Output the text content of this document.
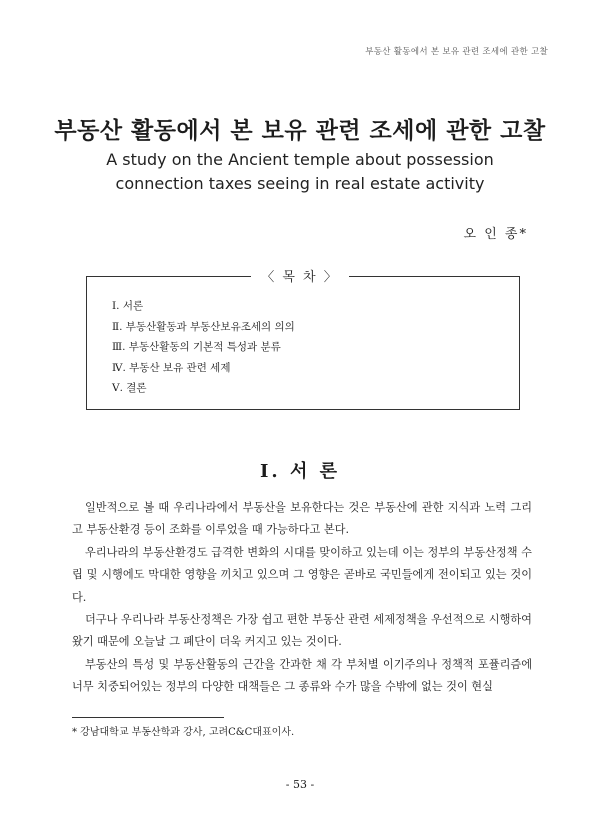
부동산 활동에서 본 보유 관련 조세에 관한 고찰
부동산 활동에서 본 보유 관련 조세에 관한 고찰
A study on the Ancient temple about possession
connection taxes seeing in real estate activity
오 인 종*
〈 목 차 〉
Ⅰ. 서론
Ⅱ. 부동산활동과 부동산보유조세의 의의
Ⅲ. 부동산활동의 기본적 특성과 분류
Ⅳ. 부동산 보유 관련 세제
Ⅴ. 결론
Ⅰ. 서 론

일반적으로 볼 때 우리나라에서 부동산을 보유한다는 것은 부동산에 관한 지식과 노력 그리고 부동산환경 등이 조화를 이루었을 때 가능하다고 본다.

우리나라의 부동산환경도 급격한 변화의 시대를 맞이하고 있는데 이는 정부의 부동산정책 수립 및 시행에도 막대한 영향을 끼치고 있으며 그 영향은 곧바로 국민들에게 전이되고 있는 것이다.

더구나 우리나라 부동산정책은 가장 쉽고 편한 부동산 관련 세제정책을 우선적으로 시행하여 왔기 때문에 오늘날 그 폐단이 더욱 커지고 있는 것이다.

부동산의 특성 및 부동산활동의 근간을 간과한 채 각 부처별 이기주의나 정책적 포퓰리즘에 너무 치중되어있는 정부의 다양한 대책들은 그 종류와 수가 많을 수밖에 없는 것이 현실

* 강남대학교 부동산학과 강사, 고려C&C대표이사.
- 53 -
